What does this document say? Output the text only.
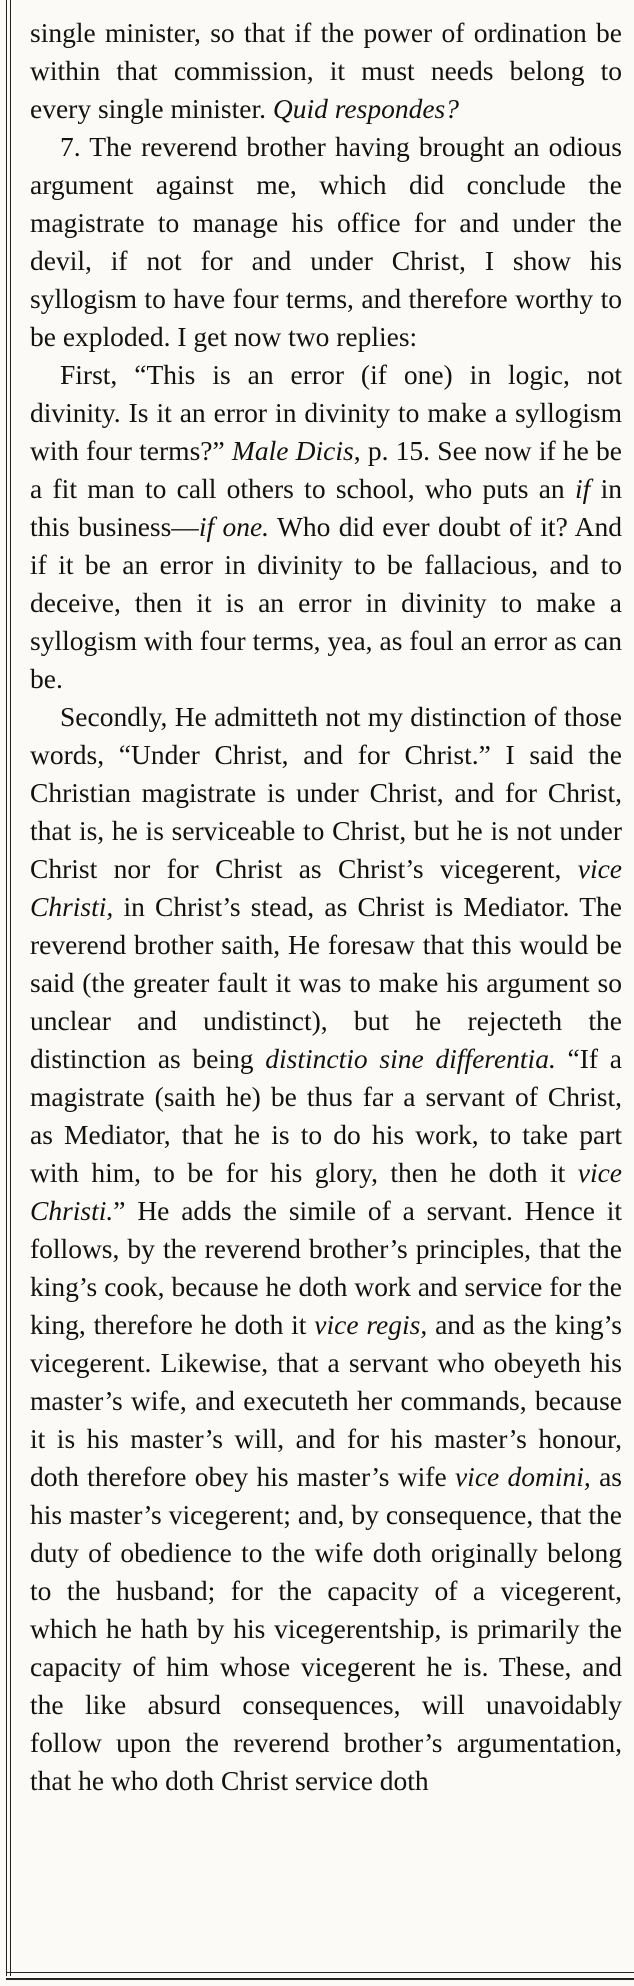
single minister, so that if the power of ordination be within that commission, it must needs belong to every single minister. Quid respondes?

7. The reverend brother having brought an odious argument against me, which did conclude the magistrate to manage his office for and under the devil, if not for and under Christ, I show his syllogism to have four terms, and therefore worthy to be exploded. I get now two replies:

First, “This is an error (if one) in logic, not divinity. Is it an error in divinity to make a syllogism with four terms?” Male Dicis, p. 15. See now if he be a fit man to call others to school, who puts an if in this business—if one. Who did ever doubt of it? And if it be an error in divinity to be fallacious, and to deceive, then it is an error in divinity to make a syllogism with four terms, yea, as foul an error as can be.

Secondly, He admitteth not my distinction of those words, “Under Christ, and for Christ.” I said the Christian magistrate is under Christ, and for Christ, that is, he is serviceable to Christ, but he is not under Christ nor for Christ as Christ’s vicegerent, vice Christi, in Christ’s stead, as Christ is Mediator. The reverend brother saith, He foresaw that this would be said (the greater fault it was to make his argument so unclear and undistinct), but he rejecteth the distinction as being distinctio sine differentia. “If a magistrate (saith he) be thus far a servant of Christ, as Mediator, that he is to do his work, to take part with him, to be for his glory, then he doth it vice Christi.” He adds the simile of a servant. Hence it follows, by the reverend brother’s principles, that the king’s cook, because he doth work and service for the king, therefore he doth it vice regis, and as the king’s vicegerent. Likewise, that a servant who obeyeth his master’s wife, and executeth her commands, because it is his master’s will, and for his master’s honour, doth therefore obey his master’s wife vice domini, as his master’s vicegerent; and, by consequence, that the duty of obedience to the wife doth originally belong to the husband; for the capacity of a vicegerent, which he hath by his vicegerentship, is primarily the capacity of him whose vicegerent he is. These, and the like absurd consequences, will unavoidably follow upon the reverend brother’s argumentation, that he who doth Christ service doth
